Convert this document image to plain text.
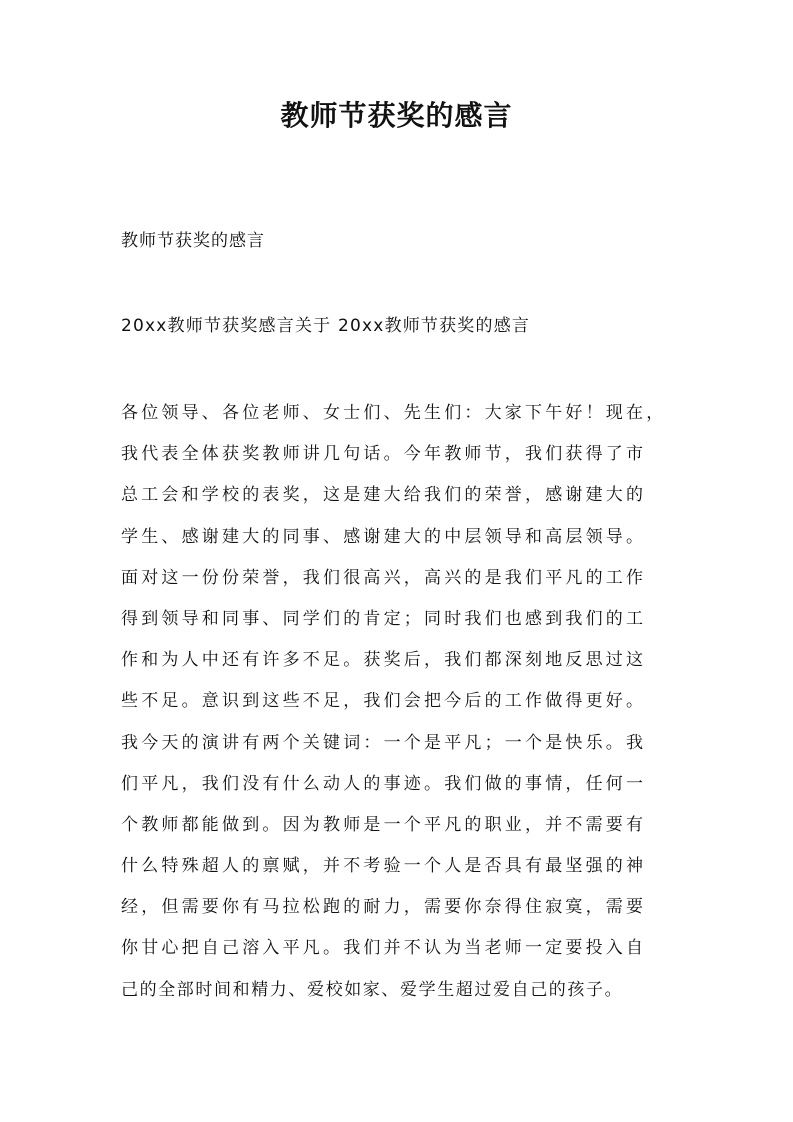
教师节获奖的感言

教师节获奖的感言

20xx教师节获奖感言关于 20xx教师节获奖的感言

各位领导、各位老师、女士们、先生们：大家下午好！现在，
我代表全体获奖教师讲几句话。今年教师节，我们获得了市
总工会和学校的表奖，这是建大给我们的荣誉，感谢建大的
学生、感谢建大的同事、感谢建大的中层领导和高层领导。
面对这一份份荣誉，我们很高兴，高兴的是我们平凡的工作
得到领导和同事、同学们的肯定；同时我们也感到我们的工
作和为人中还有许多不足。获奖后，我们都深刻地反思过这
些不足。意识到这些不足，我们会把今后的工作做得更好。
我今天的演讲有两个关键词：一个是平凡；一个是快乐。我
们平凡，我们没有什么动人的事迹。我们做的事情，任何一
个教师都能做到。因为教师是一个平凡的职业，并不需要有
什么特殊超人的禀赋，并不考验一个人是否具有最坚强的神
经，但需要你有马拉松跑的耐力，需要你奈得住寂寞，需要
你甘心把自己溶入平凡。我们并不认为当老师一定要投入自
己的全部时间和精力、爱校如家、爱学生超过爱自己的孩子。
